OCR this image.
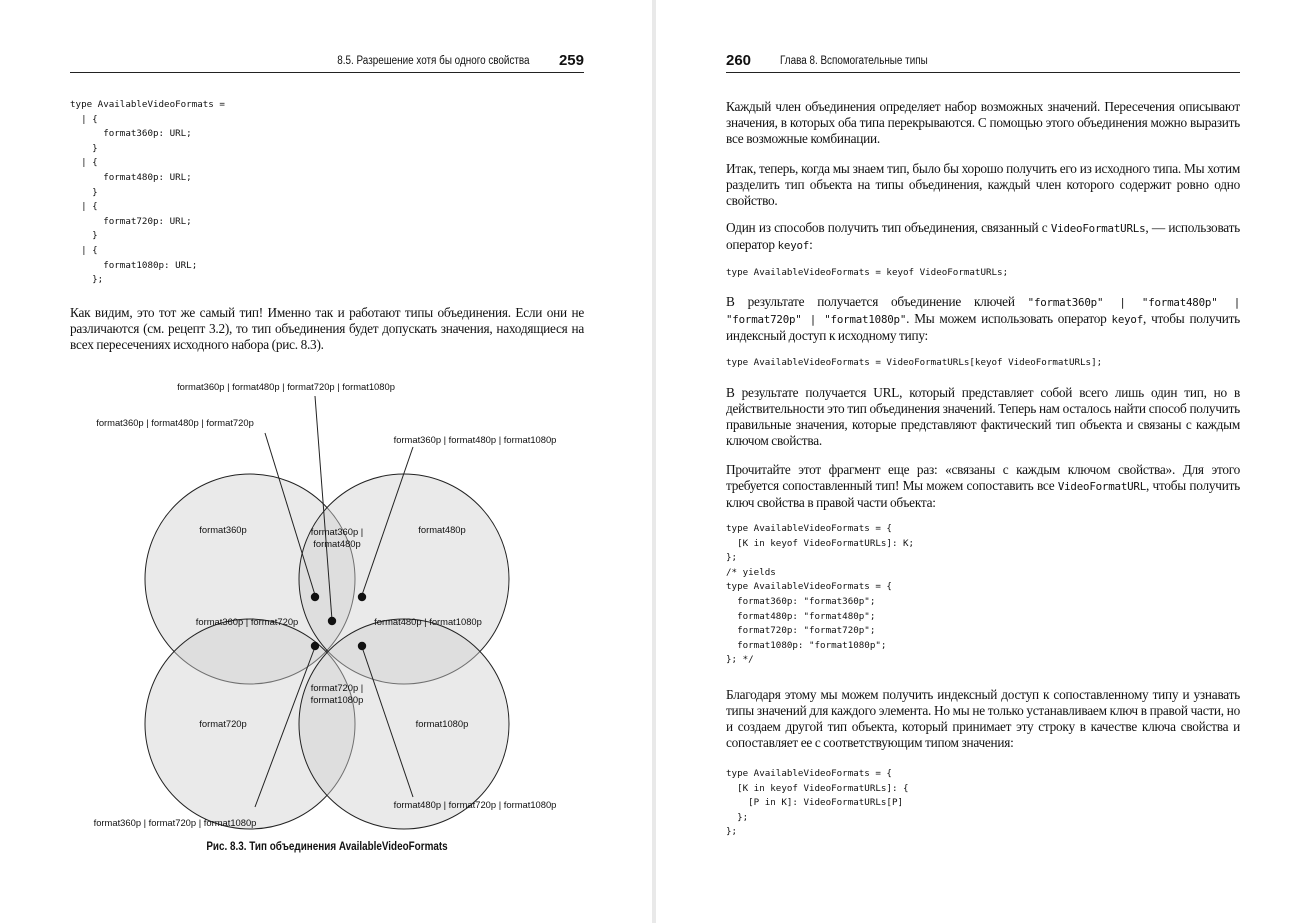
8.5. Разрешение хотя бы одного свойства 259
type AvailableVideoFormats =
| {
format360p: URL;
}
| {
format480p: URL;
}
| {
format720p: URL;
}
| {
format1080p: URL;
};

Как видим, это тот же самый тип! Именно так и работают типы объединения. Если они не различаются (см. рецепт 3.2), то тип объединения будет допускать значения, находящиеся на всех пересечениях исходного набора (рис. 8.3).

format360p	format480p
format720p	format1080p
format360p |
format480p
format360p | format720p	format480p | format1080p
format720p |
format1080p
format360p | format480p | format720p | format1080p
format360p | format480p | format720p
format360p | format480p | format1080p
format480p | format720p | format1080p
format360p | format720p | format1080p
Рис. 8.3. Тип объединения AvailableVideoFormats
260	Глава 8. Вспомогательные типы

Каждый член объединения определяет набор возможных значений. Пересечения описывают значения, в которых оба типа перекрываются. С помощью этого объединения можно выразить все возможные комбинации.

Итак, теперь, когда мы знаем тип, было бы хорошо получить его из исходного типа. Мы хотим разделить тип объекта на типы объединения, каждый член которого содержит ровно одно свойство.

Один из способов получить тип объединения, связанный с VideoFormatURLs, — использовать оператор keyof:

type AvailableVideoFormats = keyof VideoFormatURLs;

В результате получается объединение ключей "format360p" | "format480p" | "format720p" | "format1080p". Мы можем использовать оператор keyof, чтобы получить индексный доступ к исходному типу:

type AvailableVideoFormats = VideoFormatURLs[keyof VideoFormatURLs];

В результате получается URL, который представляет собой всего лишь один тип, но в действительности это тип объединения значений. Теперь нам осталось найти способ получить правильные значения, которые представляют фактический тип объекта и связаны с каждым ключом свойства.

Прочитайте этот фрагмент еще раз: «связаны с каждым ключом свойства». Для этого требуется сопоставленный тип! Мы можем сопоставить все VideoFormatURL, чтобы получить ключ свойства в правой части объекта:

type AvailableVideoFormats = {
[K in keyof VideoFormatURLs]: K;
};
/* yields
type AvailableVideoFormats = {
format360p: "format360p";
format480p: "format480p";
format720p: "format720p";
format1080p: "format1080p";
}; */

Благодаря этому мы можем получить индексный доступ к сопоставленному типу и узнавать типы значений для каждого элемента. Но мы не только устанавливаем ключ в правой части, но и создаем другой тип объекта, который принимает эту строку в качестве ключа свойства и сопоставляет ее с соответствующим типом значения:

type AvailableVideoFormats = {
[K in keyof VideoFormatURLs]: {
[P in K]: VideoFormatURLs[P]
};
};
